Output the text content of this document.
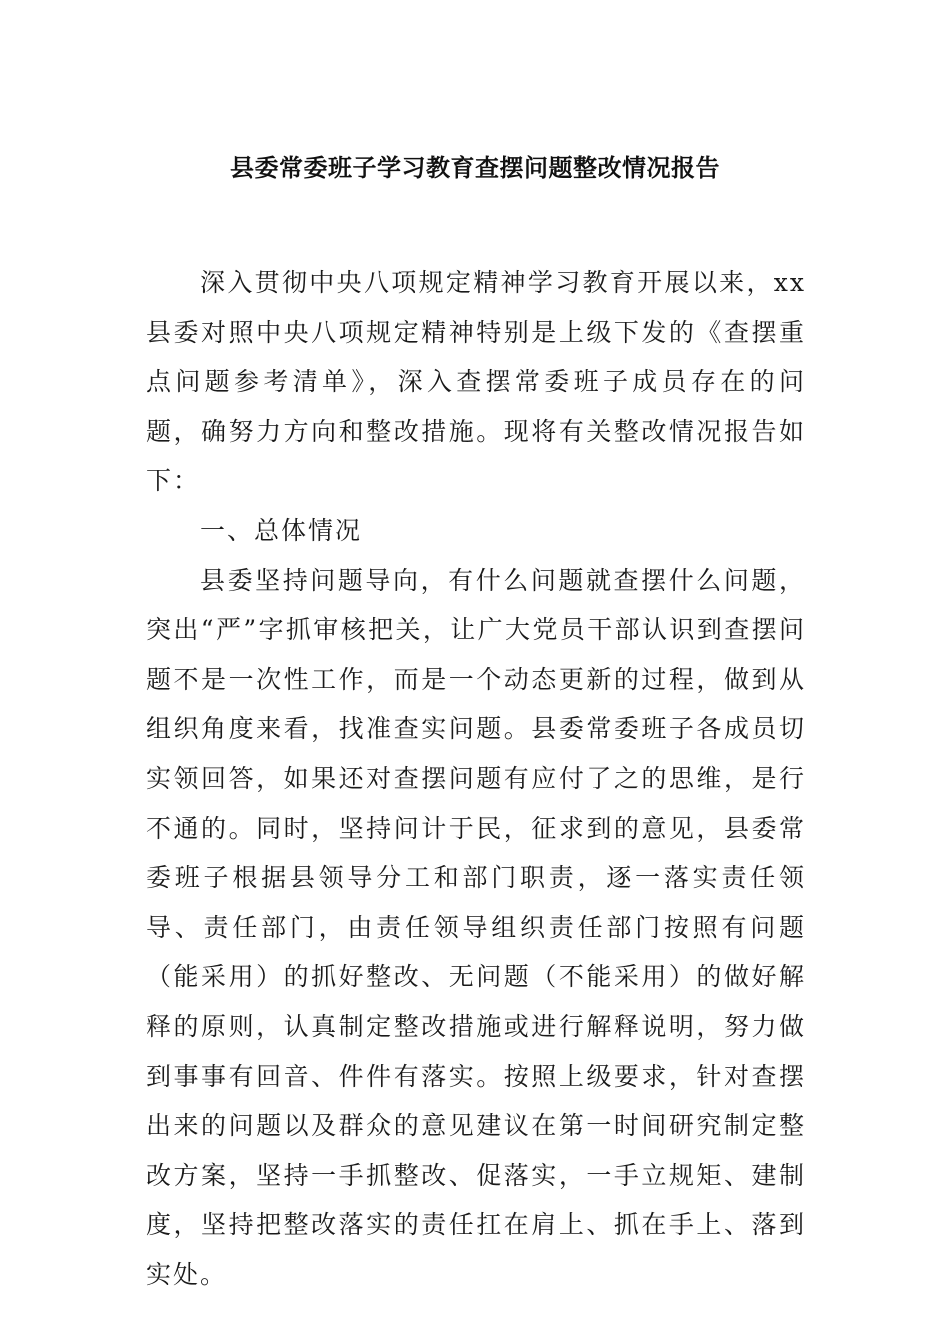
县委常委班子学习教育查摆问题整改情况报告

深入贯彻中央八项规定精神学习教育开展以来，xx县委对照中央八项规定精神特别是上级下发的《查摆重点问题参考清单》，深入查摆常委班子成员存在的问题，确努力方向和整改措施。现将有关整改情况报告如下：

一、总体情况

县委坚持问题导向，有什么问题就查摆什么问题，突出“严”字抓审核把关，让广大党员干部认识到查摆问题不是一次性工作，而是一个动态更新的过程，做到从组织角度来看，找准查实问题。县委常委班子各成员切实领回答，如果还对查摆问题有应付了之的思维，是行不通的。同时，坚持问计于民，征求到的意见，县委常委班子根据县领导分工和部门职责，逐一落实责任领导、责任部门，由责任领导组织责任部门按照有问题（能采用）的抓好整改、无问题（不能采用）的做好解释的原则，认真制定整改措施或进行解释说明，努力做到事事有回音、件件有落实。按照上级要求，针对查摆出来的问题以及群众的意见建议在第一时间研究制定整改方案，坚持一手抓整改、促落实，一手立规矩、建制度，坚持把整改落实的责任扛在肩上、抓在手上、落到实处。
